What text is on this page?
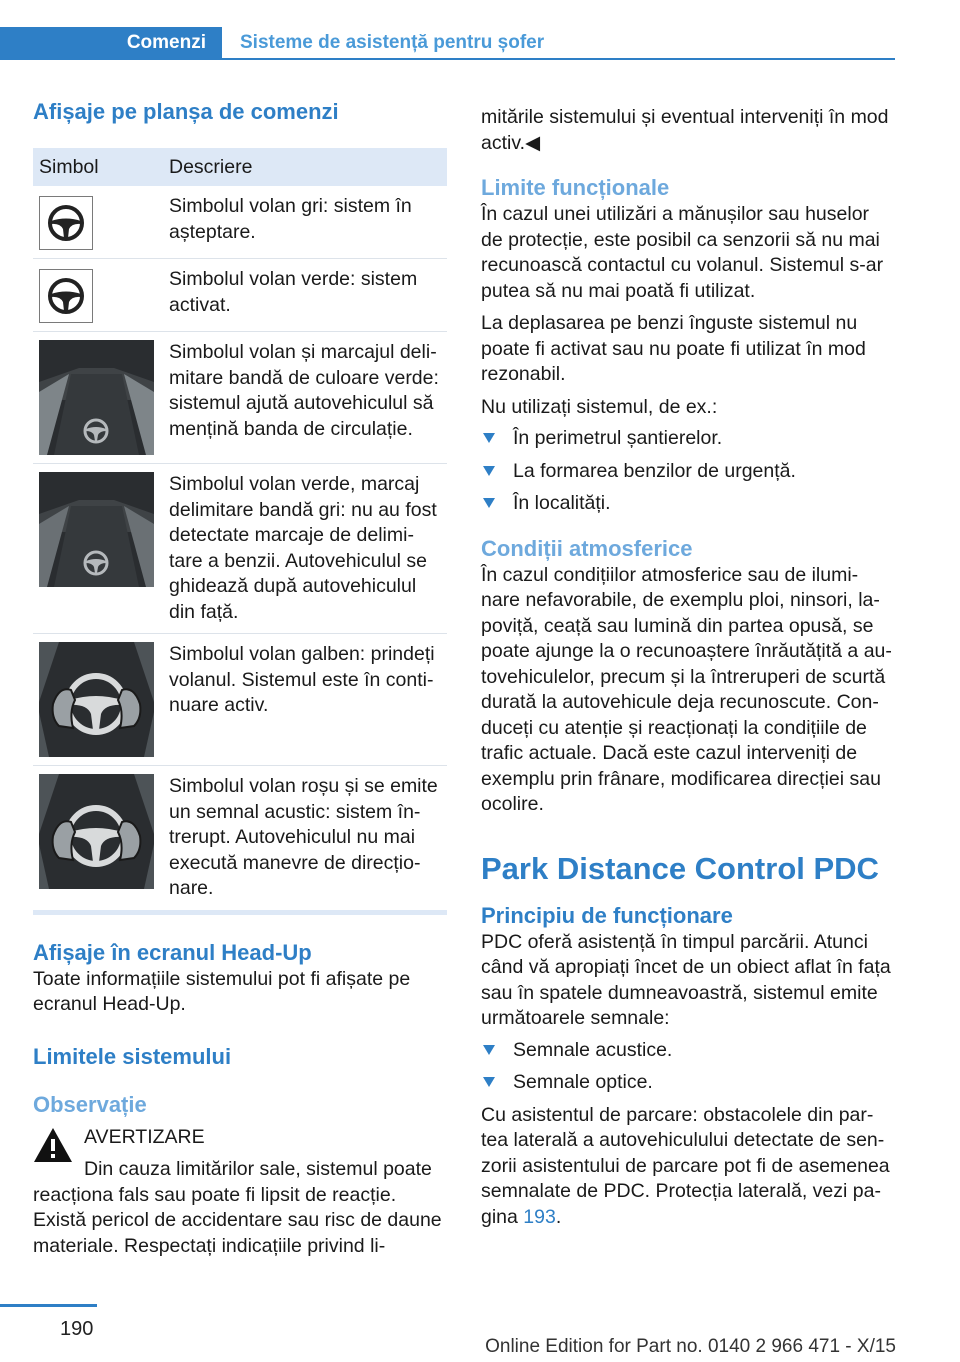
Comenzi Sisteme de asistență pentru șofer
Afișaje pe planșa de comenzi
Simbol	Descriere

	Simbolul volan gri: sistem în așteptare.

	Simbolul volan verde: sistem activat.

	Simbolul volan și marcajul deli-mitare bandă de culoare verde: sistemul ajută autovehiculul să mențină banda de circulație.

	Simbolul volan verde, marcaj delimitare bandă gri: nu au fost detectate marcaje de delimi-tare a benzii. Autovehiculul se ghidează după autovehiculul din față.

	Simbolul volan galben: prindeți volanul. Sistemul este în conti-nuare activ.

	Simbolul volan roșu și se emite un semnal acustic: sistem în-trerupt. Autovehiculul nu mai execută manevre de direcțio-nare.
Afișaje în ecranul Head-Up

Toate informațiile sistemului pot fi afișate pe ecranul Head-Up.

Limitele sistemului
Observație

AVERTIZARE

Din cauza limitărilor sale, sistemul poate reacționa fals sau poate fi lipsit de reacție. Există pericol de accidentare sau risc de daune materiale. Respectați indicațiile privind li-

mitările sistemului și eventual interveniți în mod activ.◀

Limite funcționale

În cazul unei utilizări a mănușilor sau huselor de protecție, este posibil ca senzorii să nu mai recunoască contactul cu volanul. Sistemul s-ar putea să nu mai poată fi utilizat.

La deplasarea pe benzi înguste sistemul nu poate fi activat sau nu poate fi utilizat în mod rezonabil.

Nu utilizați sistemul, de ex.:

În perimetrul șantierelor.
La formarea benzilor de urgență.
În localități.
Condiții atmosferice

În cazul condițiilor atmosferice sau de ilumi-nare nefavorabile, de exemplu ploi, ninsori, la-poviță, ceață sau lumină din partea opusă, se poate ajunge la o recunoaștere înrăutățită a au-tovehiculelor, precum și la întreruperi de scurtă durată la autovehicule deja recunoscute. Con-duceți cu atenție și reacționați la condițiile de trafic actuale. Dacă este cazul interveniți de exemplu prin frânare, modificarea direcției sau ocolire.

Park Distance Control PDC
Principiu de funcționare

PDC oferă asistență în timpul parcării. Atunci când vă apropiați încet de un obiect aflat în fața sau în spatele dumneavoastră, sistemul emite următoarele semnale:

Semnale acustice.
Semnale optice.

Cu asistentul de parcare: obstacolele din par-tea laterală a autovehiculului detectate de sen-zorii asistentului de parcare pot fi de asemenea semnalate de PDC. Protecția laterală, vezi pa-gina 193.

190
Online Edition for Part no. 0140 2 966 471 - X/15
